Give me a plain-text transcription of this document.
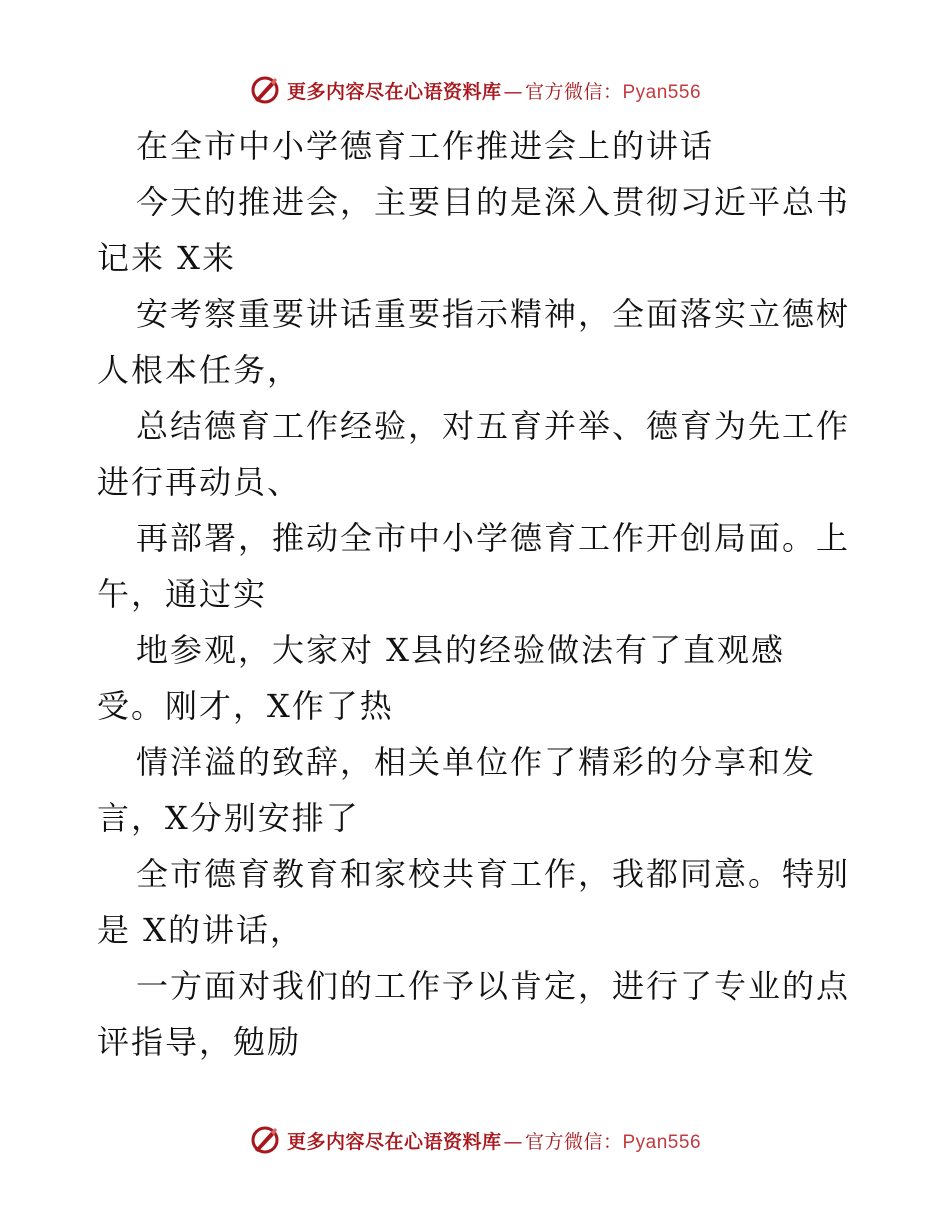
更多内容尽在心语资料库 — 官方微信：Pyan556
在全市中小学德育工作推进会上的讲话
今天的推进会，主要目的是深入贯彻习近平总书
记来 X来
安考察重要讲话重要指示精神，全面落实立德树
人根本任务，
总结德育工作经验，对五育并举、德育为先工作
进行再动员、
再部署，推动全市中小学德育工作开创局面。上
午，通过实
地参观，大家对 X县的经验做法有了直观感
受。刚才，X作了热
情洋溢的致辞，相关单位作了精彩的分享和发
言，X分别安排了
全市德育教育和家校共育工作，我都同意。特别
是 X的讲话，
一方面对我们的工作予以肯定，进行了专业的点
评指导，勉励
更多内容尽在心语资料库 — 官方微信：Pyan556
